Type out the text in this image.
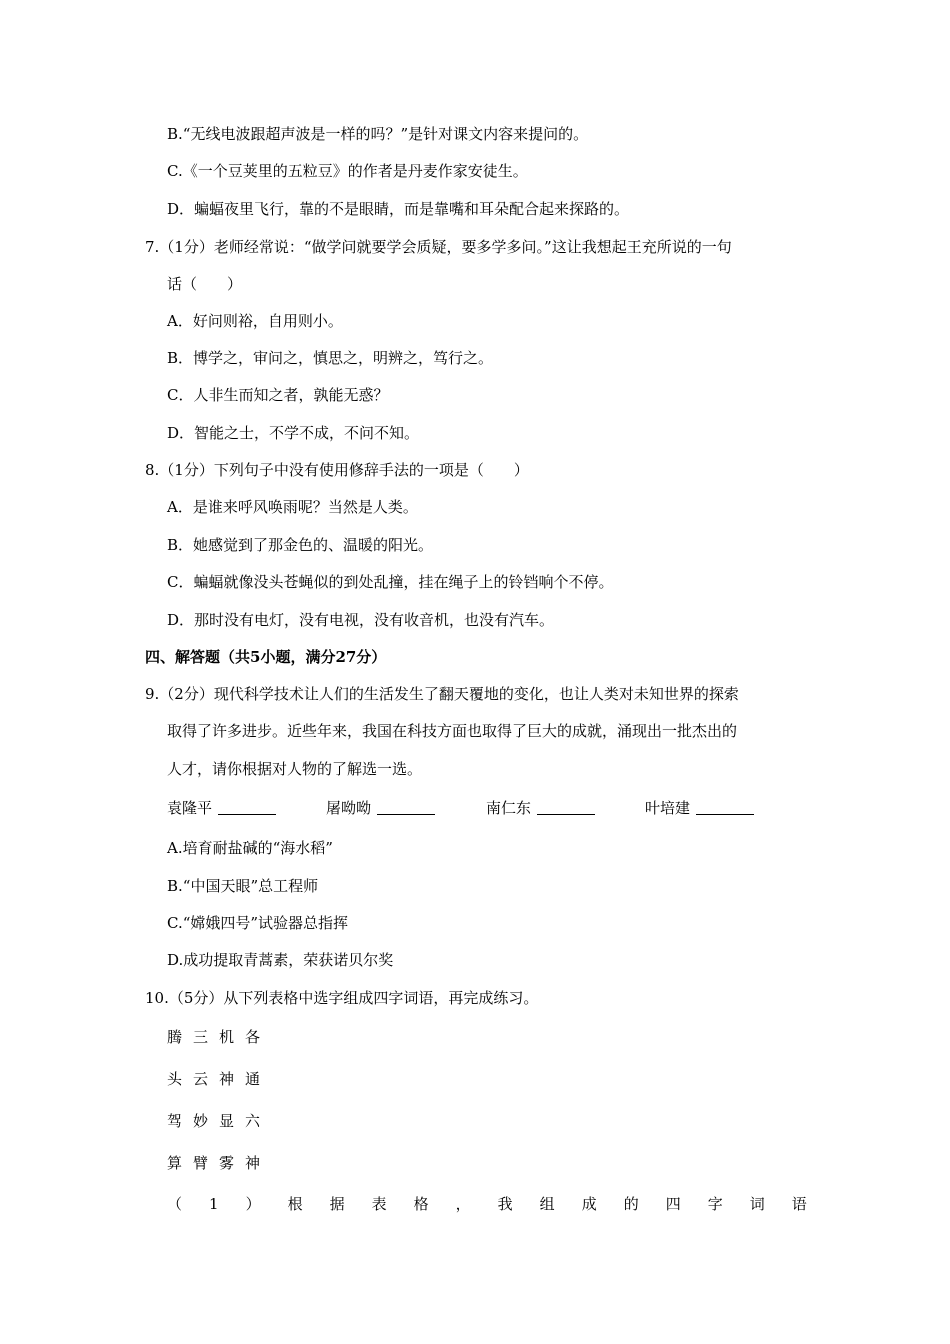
B.“无线电波跟超声波是一样的吗？”是针对课文内容来提问的。
C.《一个豆荚里的五粒豆》的作者是丹麦作家安徒生。
D．蝙蝠夜里飞行，靠的不是眼睛，而是靠嘴和耳朵配合起来探路的。
7.（1分）老师经常说：“做学问就要学会质疑，要多学多问。”这让我想起王充所说的一句
话（　　）
A．好问则裕，自用则小。
B．博学之，审问之，慎思之，明辨之，笃行之。
C．人非生而知之者，孰能无惑？
D．智能之士，不学不成，不问不知。
8.（1分）下列句子中没有使用修辞手法的一项是（　　）
A．是谁来呼风唤雨呢？当然是人类。
B．她感觉到了那金色的、温暖的阳光。
C．蝙蝠就像没头苍蝇似的到处乱撞，挂在绳子上的铃铛响个不停。
D．那时没有电灯，没有电视，没有收音机，也没有汽车。
四、解答题（共5小题，满分27分）
9.（2分）现代科学技术让人们的生活发生了翻天覆地的变化，也让人类对未知世界的探索
取得了许多进步。近些年来，我国在科技方面也取得了巨大的成就，涌现出一批杰出的
人才，请你根据对人物的了解选一选。
袁隆平	屠呦呦	南仁东	叶培建
A.培育耐盐碱的“海水稻”
B.“中国天眼”总工程师
C.“嫦娥四号”试验器总指挥
D.成功提取青蒿素，荣获诺贝尔奖
10.（5分）从下列表格中选字组成四字词语，再完成练习。
腾 三 机 各
头 云 神 通
驾 妙 显 六
算 臂 雾 神
（ 1 ） 根 据 表 格 ， 我 组 成 的 四 字 词 语
